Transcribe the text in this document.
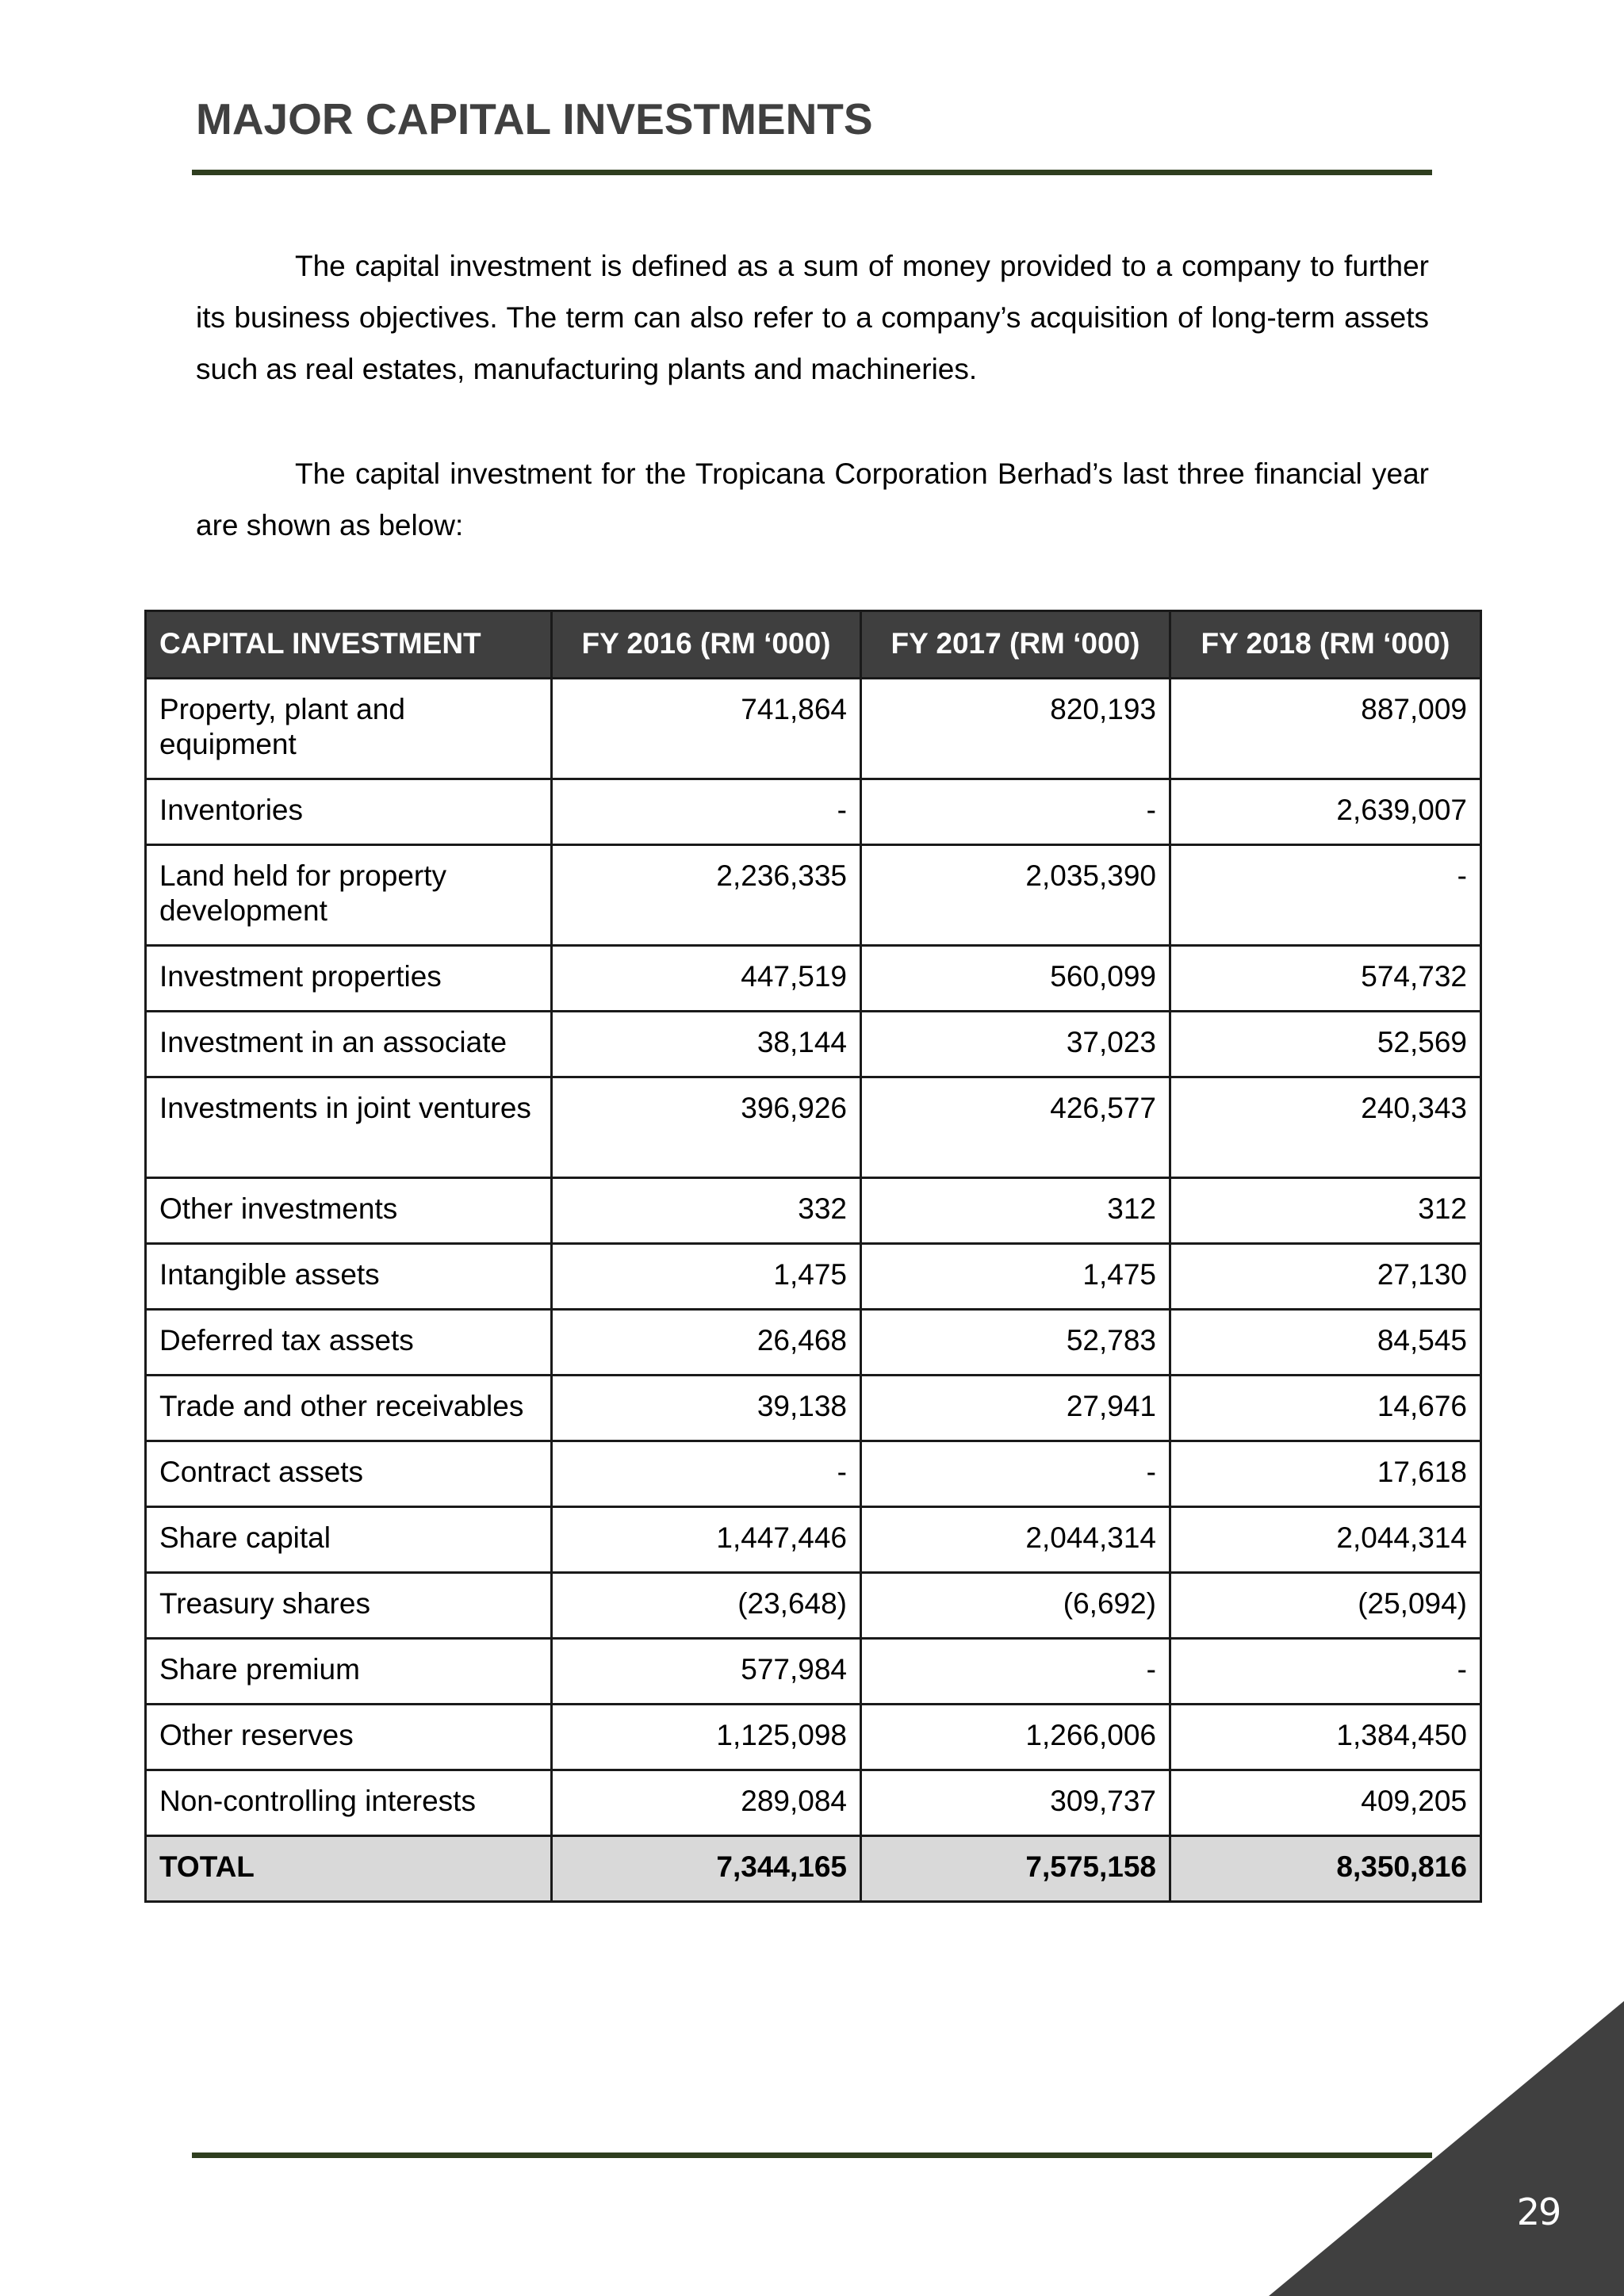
MAJOR CAPITAL INVESTMENTS

The capital investment is defined as a sum of money provided to a company to further its business objectives. The term can also refer to a company’s acquisition of long-term assets such as real estates, manufacturing plants and machineries.

The capital investment for the Tropicana Corporation Berhad’s last three financial year are shown as below:

CAPITAL INVESTMENT	FY 2016 (RM ‘000)	FY 2017 (RM ‘000)	FY 2018 (RM ‘000)
Property, plant and equipment	741,864	820,193	887,009
Inventories	-	-	2,639,007
Land held for property development	2,236,335	2,035,390	-
Investment properties	447,519	560,099	574,732
Investment in an associate	38,144	37,023	52,569
Investments in joint ventures	396,926	426,577	240,343
Other investments	332	312	312
Intangible assets	1,475	1,475	27,130
Deferred tax assets	26,468	52,783	84,545
Trade and other receivables	39,138	27,941	14,676
Contract assets	-	-	17,618
Share capital	1,447,446	2,044,314	2,044,314
Treasury shares	(23,648)	(6,692)	(25,094)
Share premium	577,984	-	-
Other reserves	1,125,098	1,266,006	1,384,450
Non-controlling interests	289,084	309,737	409,205
TOTAL	7,344,165	7,575,158	8,350,816
29
